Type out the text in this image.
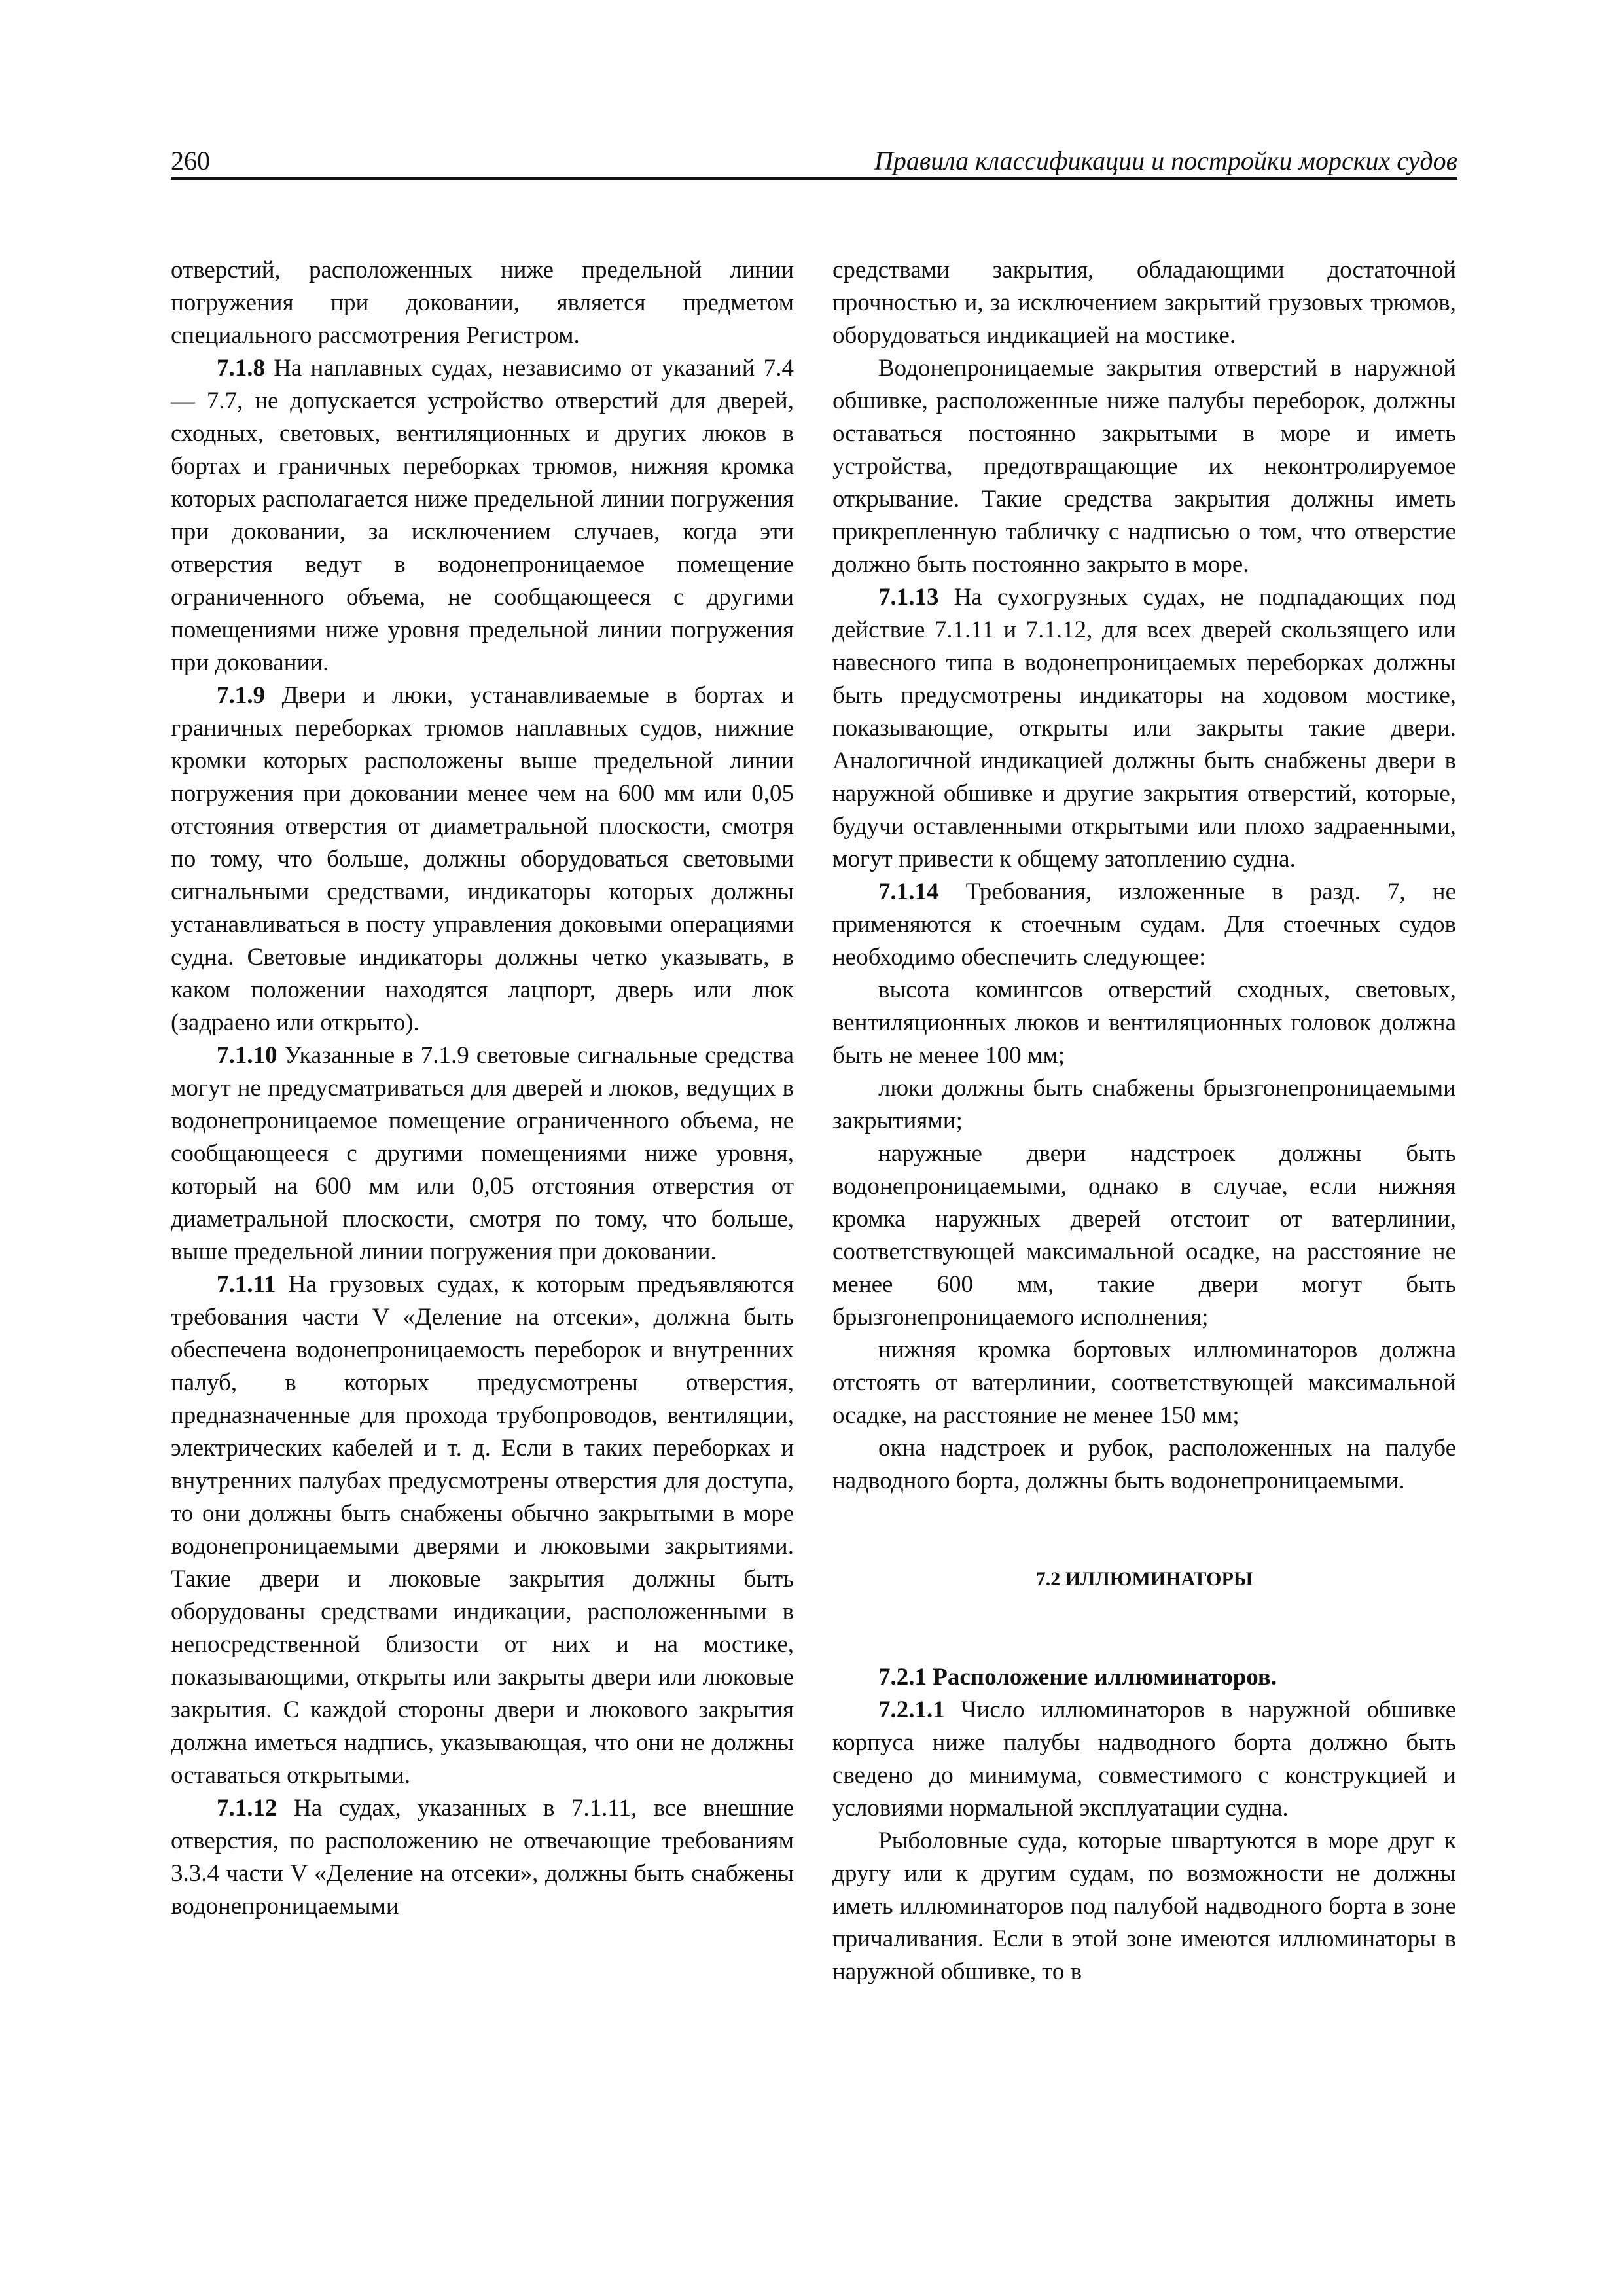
260	Правила классификации и постройки морских судов

отверстий, расположенных ниже предельной линии погружения при доковании, является предметом специального рассмотрения Регистром.

7.1.8 На наплавных судах, независимо от указаний 7.4 — 7.7, не допускается устройство отверстий для дверей, сходных, световых, вентиляционных и других люков в бортах и граничных переборках трюмов, нижняя кромка которых располагается ниже предельной линии погружения при доковании, за исключением случаев, когда эти отверстия ведут в водонепроницаемое помещение ограниченного объема, не сообщающееся с другими помещениями ниже уровня предельной линии погружения при доковании.

7.1.9 Двери и люки, устанавливаемые в бортах и граничных переборках трюмов наплавных судов, нижние кромки которых расположены выше предельной линии погружения при доковании менее чем на 600 мм или 0,05 отстояния отверстия от диаметральной плоскости, смотря по тому, что больше, должны оборудоваться световыми сигнальными средствами, индикаторы которых должны устанавливаться в посту управления доковыми операциями судна. Световые индикаторы должны четко указывать, в каком положении находятся лацпорт, дверь или люк (задраено или открыто).

7.1.10 Указанные в 7.1.9 световые сигнальные средства могут не предусматриваться для дверей и люков, ведущих в водонепроницаемое помещение ограниченного объема, не сообщающееся с другими помещениями ниже уровня, который на 600 мм или 0,05 отстояния отверстия от диаметральной плоскости, смотря по тому, что больше, выше предельной линии погружения при доковании.

7.1.11 На грузовых судах, к которым предъявляются требования части V «Деление на отсеки», должна быть обеспечена водонепроницаемость переборок и внутренних палуб, в которых предусмотрены отверстия, предназначенные для прохода трубопроводов, вентиляции, электрических кабелей и т. д. Если в таких переборках и внутренних палубах предусмотрены отверстия для доступа, то они должны быть снабжены обычно закрытыми в море водонепроницаемыми дверями и люковыми закрытиями. Такие двери и люковые закрытия должны быть оборудованы средствами индикации, расположенными в непосредственной близости от них и на мостике, показывающими, открыты или закрыты двери или люковые закрытия. С каждой стороны двери и люкового закрытия должна иметься надпись, указывающая, что они не должны оставаться открытыми.

7.1.12 На судах, указанных в 7.1.11, все внешние отверстия, по расположению не отвечающие требованиям 3.3.4 части V «Деление на отсеки», должны быть снабжены водонепроницаемыми

средствами закрытия, обладающими достаточной прочностью и, за исключением закрытий грузовых трюмов, оборудоваться индикацией на мостике.

Водонепроницаемые закрытия отверстий в наружной обшивке, расположенные ниже палубы переборок, должны оставаться постоянно закрытыми в море и иметь устройства, предотвращающие их неконтролируемое открывание. Такие средства закрытия должны иметь прикрепленную табличку с надписью о том, что отверстие должно быть постоянно закрыто в море.

7.1.13 На сухогрузных судах, не подпадающих под действие 7.1.11 и 7.1.12, для всех дверей скользящего или навесного типа в водонепроницаемых переборках должны быть предусмотрены индикаторы на ходовом мостике, показывающие, открыты или закрыты такие двери. Аналогичной индикацией должны быть снабжены двери в наружной обшивке и другие закрытия отверстий, которые, будучи оставленными открытыми или плохо задраенными, могут привести к общему затоплению судна.

7.1.14 Требования, изложенные в разд. 7, не применяются к стоечным судам. Для стоечных судов необходимо обеспечить следующее:

высота комингсов отверстий сходных, световых, вентиляционных люков и вентиляционных головок должна быть не менее 100 мм;

люки должны быть снабжены брызгонепроницаемыми закрытиями;

наружные двери надстроек должны быть водонепроницаемыми, однако в случае, если нижняя кромка наружных дверей отстоит от ватерлинии, соответствующей максимальной осадке, на расстояние не менее 600 мм, такие двери могут быть брызгонепроницаемого исполнения;

нижняя кромка бортовых иллюминаторов должна отстоять от ватерлинии, соответствующей максимальной осадке, на расстояние не менее 150 мм;

окна надстроек и рубок, расположенных на палубе надводного борта, должны быть водонепроницаемыми.

7.2 ИЛЛЮМИНАТОРЫ

7.2.1 Расположение иллюминаторов.

7.2.1.1 Число иллюминаторов в наружной обшивке корпуса ниже палубы надводного борта должно быть сведено до минимума, совместимого с конструкцией и условиями нормальной эксплуатации судна.

Рыболовные суда, которые швартуются в море друг к другу или к другим судам, по возможности не должны иметь иллюминаторов под палубой надводного борта в зоне причаливания. Если в этой зоне имеются иллюминаторы в наружной обшивке, то в
